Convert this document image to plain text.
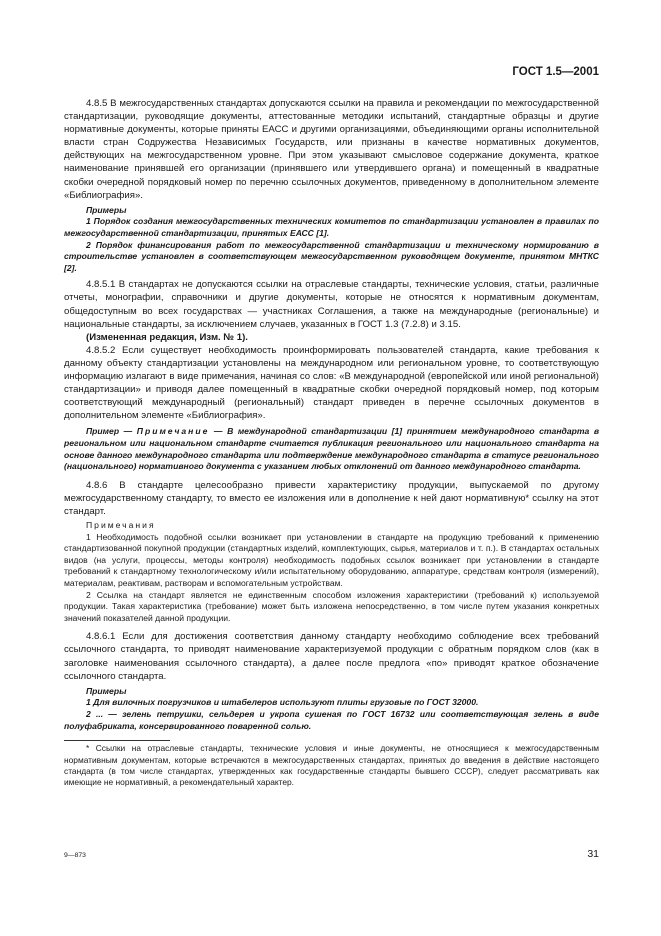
ГОСТ 1.5—2001

4.8.5 В межгосударственных стандартах допускаются ссылки на правила и рекомендации по межгосударственной стандартизации, руководящие документы, аттестованные методики испытаний, стандартные образцы и другие нормативные документы, которые приняты ЕАСС и другими организациями, объединяющими органы исполнительной власти стран Содружества Независимых Государств, или признаны в качестве нормативных документов, действующих на межгосударственном уровне. При этом указывают смысловое содержание документа, краткое наименование принявшей его организации (принявшего или утвердившего органа) и помещенный в квадратные скобки очередной порядковый номер по перечню ссылочных документов, приведенному в дополнительном элементе «Библиография».

Примеры

1 Порядок создания межгосударственных технических комитетов по стандартизации установлен в правилах по межгосударственной стандартизации, принятых ЕАСС [1].

2 Порядок финансирования работ по межгосударственной стандартизации и техническому нормированию в строительстве установлен в соответствующем межгосударственном руководящем документе, принятом МНТКС [2].

4.8.5.1 В стандартах не допускаются ссылки на отраслевые стандарты, технические условия, статьи, различные отчеты, монографии, справочники и другие документы, которые не относятся к нормативным документам, общедоступным во всех государствах — участниках Соглашения, а также на международные (региональные) и национальные стандарты, за исключением случаев, указанных в ГОСТ 1.3 (7.2.8) и 3.15.

(Измененная редакция, Изм. № 1).

4.8.5.2 Если существует необходимость проинформировать пользователей стандарта, какие требования к данному объекту стандартизации установлены на международном или региональном уровне, то соответствующую информацию излагают в виде примечания, начиная со слов: «В международной (европейской или иной региональной) стандартизации» и приводя далее помещенный в квадратные скобки очередной порядковый номер, под которым соответствующий международный (региональный) стандарт приведен в перечне ссылочных документов в дополнительном элементе «Библиография».

Пример — Примечание — В международной стандартизации [1] принятием международного стандарта в региональном или национальном стандарте считается публикация регионального или национального стандарта на основе данного международного стандарта или подтверждение международного стандарта в статусе регионального (национального) нормативного документа с указанием любых отклонений от данного международного стандарта.

4.8.6 В стандарте целесообразно привести характеристику продукции, выпускаемой по другому межгосударственному стандарту, то вместо ее изложения или в дополнение к ней дают нормативную* ссылку на этот стандарт.

Примечания

1 Необходимость подобной ссылки возникает при установлении в стандарте на продукцию требований к применению стандартизованной покупной продукции (стандартных изделий, комплектующих, сырья, материалов и т. п.). В стандартах остальных видов (на услуги, процессы, методы контроля) необходимость подобных ссылок возникает при установлении в стандарте требований к стандартному технологическому и/или испытательному оборудованию, аппаратуре, средствам контроля (измерений), материалам, реактивам, растворам и вспомогательным устройствам.

2 Ссылка на стандарт является не единственным способом изложения характеристики (требований к) используемой продукции. Такая характеристика (требование) может быть изложена непосредственно, в том числе путем указания конкретных значений показателей данной продукции.

4.8.6.1 Если для достижения соответствия данному стандарту необходимо соблюдение всех требований ссылочного стандарта, то приводят наименование характеризуемой продукции с обратным порядком слов (как в заголовке наименования ссылочного стандарта), а далее после предлога «по» приводят краткое обозначение ссылочного стандарта.

Примеры

1 Для вилочных погрузчиков и штабелеров используют плиты грузовые по ГОСТ 32000.

2 ... — зелень петрушки, сельдерея и укропа сушеная по ГОСТ 16732 или соответствующая зелень в виде полуфабриката, консервированного поваренной солью.

* Ссылки на отраслевые стандарты, технические условия и иные документы, не относящиеся к межгосударственным нормативным документам, которые встречаются в межгосударственных стандартах, принятых до введения в действие настоящего стандарта (в том числе стандартах, утвержденных как государственные стандарты бывшего СССР), следует рассматривать как имеющие не нормативный, а рекомендательный характер.

9—873	31
